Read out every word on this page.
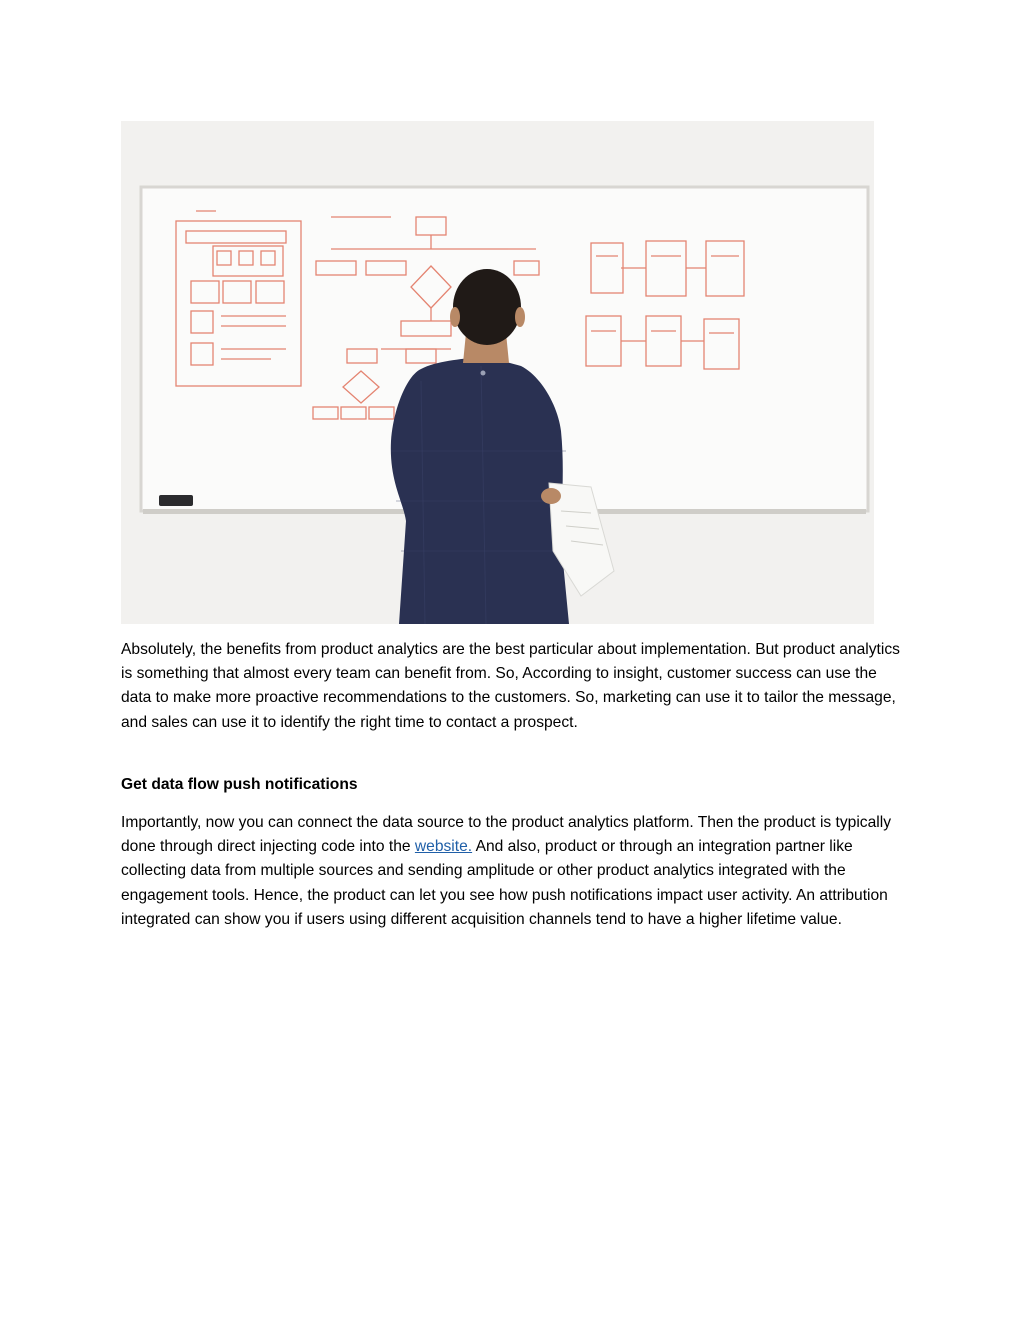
Absolutely, the benefits from product analytics are the best particular about implementation. But product analytics is something that almost every team can benefit from. So, According to insight, customer success can use the data to make more proactive recommendations to the customers. So, marketing can use it to tailor the message, and sales can use it to identify the right time to contact a prospect.

Get data flow push notifications

Importantly, now you can connect the data source to the product analytics platform. Then the product is typically done through direct injecting code into the website. And also, product or through an integration partner like collecting data from multiple sources and sending amplitude or other product analytics integrated with the engagement tools. Hence, the product can let you see how push notifications impact user activity. An attribution integrated can show you if users using different acquisition channels tend to have a higher lifetime value.
